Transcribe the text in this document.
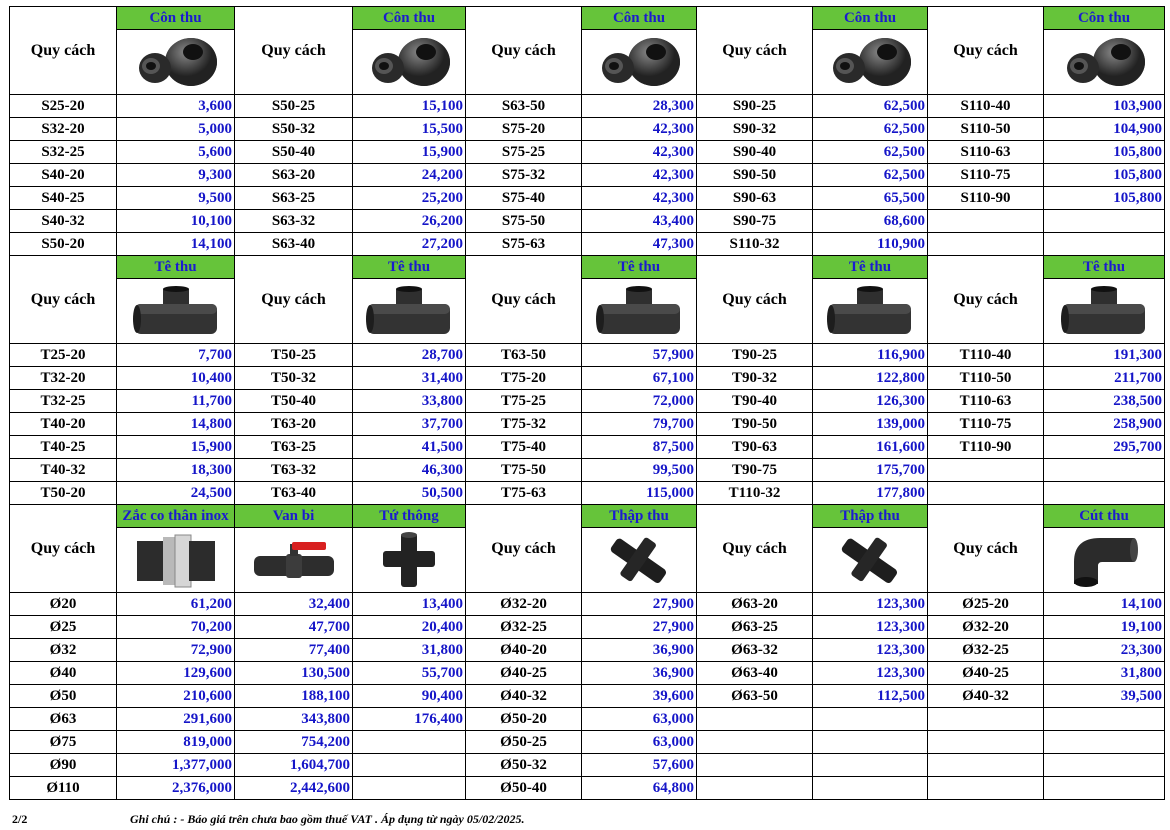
Quy cách	Côn thu	Quy cách	Côn thu	Quy cách	Côn thu	Quy cách	Côn thu	Quy cách	Côn thu

S25-20	3,600	S50-25	15,100	S63-50	28,300	S90-25	62,500	S110-40	103,900
S32-20	5,000	S50-32	15,500	S75-20	42,300	S90-32	62,500	S110-50	104,900
S32-25	5,600	S50-40	15,900	S75-25	42,300	S90-40	62,500	S110-63	105,800
S40-20	9,300	S63-20	24,200	S75-32	42,300	S90-50	62,500	S110-75	105,800
S40-25	9,500	S63-25	25,200	S75-40	42,300	S90-63	65,500	S110-90	105,800
S40-32	10,100	S63-32	26,200	S75-50	43,400	S90-75	68,600		
S50-20	14,100	S63-40	27,200	S75-63	47,300	S110-32	110,900		
Quy cách	Tê thu	Quy cách	Tê thu	Quy cách	Tê thu	Quy cách	Tê thu	Quy cách	Tê thu

T25-20	7,700	T50-25	28,700	T63-50	57,900	T90-25	116,900	T110-40	191,300
T32-20	10,400	T50-32	31,400	T75-20	67,100	T90-32	122,800	T110-50	211,700
T32-25	11,700	T50-40	33,800	T75-25	72,000	T90-40	126,300	T110-63	238,500
T40-20	14,800	T63-20	37,700	T75-32	79,700	T90-50	139,000	T110-75	258,900
T40-25	15,900	T63-25	41,500	T75-40	87,500	T90-63	161,600	T110-90	295,700
T40-32	18,300	T63-32	46,300	T75-50	99,500	T90-75	175,700		
T50-20	24,500	T63-40	50,500	T75-63	115,000	T110-32	177,800		
Quy cách	Zắc co thân inox	Van bi	Tứ thông	Quy cách	Thập thu	Quy cách	Thập thu	Quy cách	Cút thu

Ø20	61,200	32,400	13,400	Ø32-20	27,900	Ø63-20	123,300	Ø25-20	14,100
Ø25	70,200	47,700	20,400	Ø32-25	27,900	Ø63-25	123,300	Ø32-20	19,100
Ø32	72,900	77,400	31,800	Ø40-20	36,900	Ø63-32	123,300	Ø32-25	23,300
Ø40	129,600	130,500	55,700	Ø40-25	36,900	Ø63-40	123,300	Ø40-25	31,800
Ø50	210,600	188,100	90,400	Ø40-32	39,600	Ø63-50	112,500	Ø40-32	39,500
Ø63	291,600	343,800	176,400	Ø50-20	63,000				
Ø75	819,000	754,200		Ø50-25	63,000				
Ø90	1,377,000	1,604,700		Ø50-32	57,600				
Ø110	2,376,000	2,442,600		Ø50-40	64,800				
2/2	Ghi chú : - Báo giá trên chưa bao gồm thuế VAT . Áp dụng từ ngày 05/02/2025.
